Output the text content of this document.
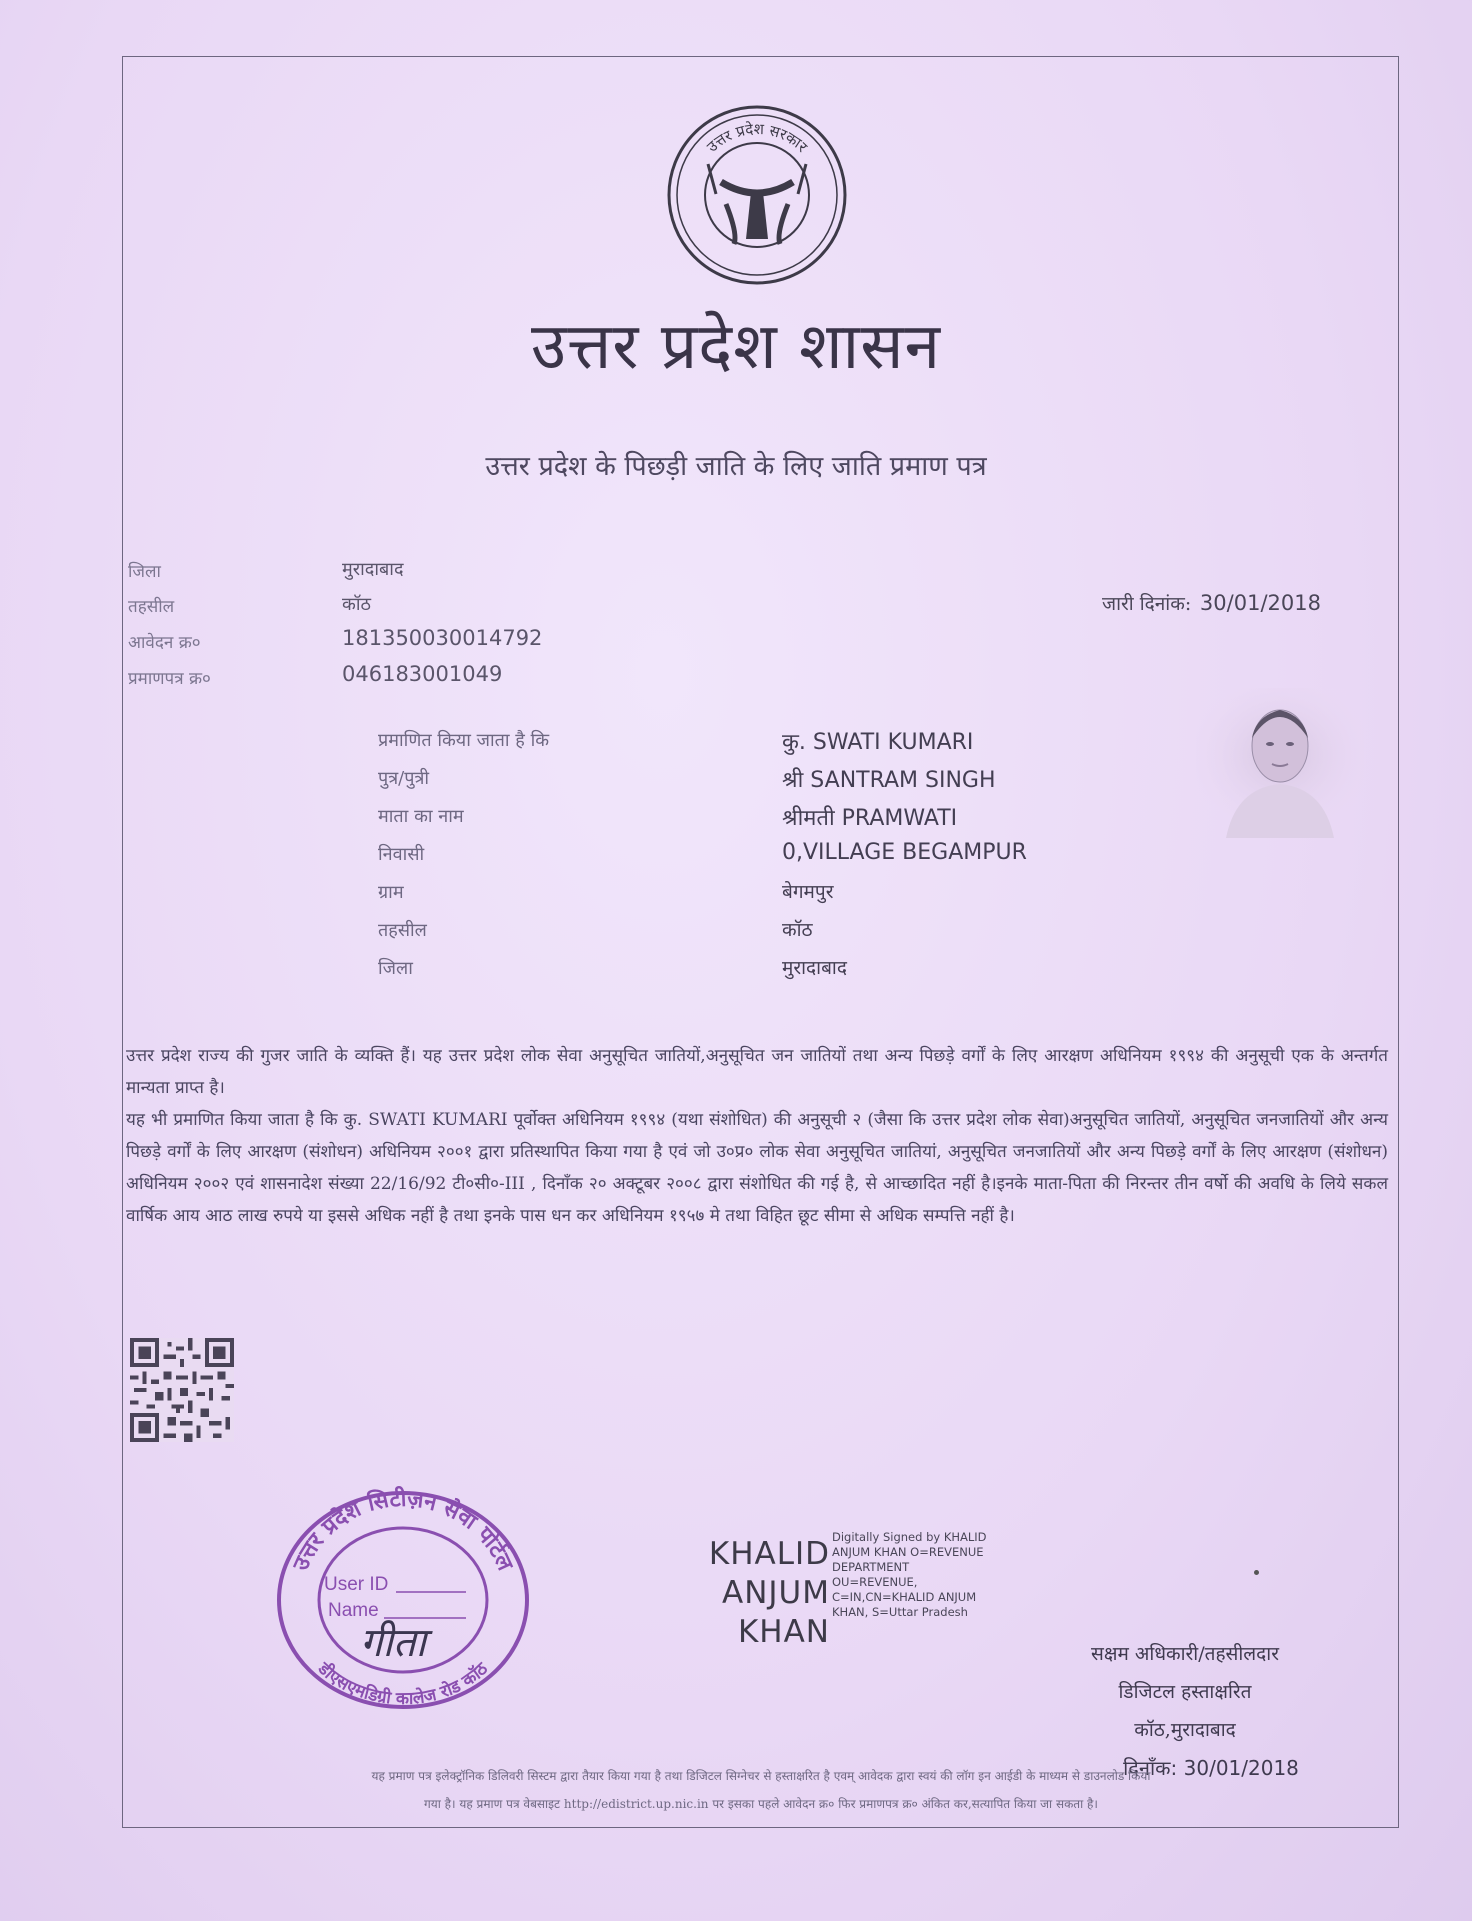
उत्तर प्रदेश सरकार
उत्तर प्रदेश शासन
उत्तर प्रदेश के पिछड़ी जाति के लिए जाति प्रमाण पत्र
जिला	मुरादाबाद
तहसील	कॉठ
आवेदन क्र०	181350030014792
प्रमाणपत्र क्र०	046183001049
जारी दिनांक: 30/01/2018
प्रमाणित किया जाता है कि	कु. SWATI KUMARI
पुत्र/पुत्री	श्री SANTRAM SINGH
माता का नाम	श्रीमती PRAMWATI
निवासी	0,VILLAGE BEGAMPUR
ग्राम	बेगमपुर
तहसील	कॉठ
जिला	मुरादाबाद

उत्तर प्रदेश राज्य की गुजर जाति के व्यक्ति हैं। यह उत्तर प्रदेश लोक सेवा अनुसूचित जातियों,अनुसूचित जन जातियों तथा अन्य पिछड़े वर्गों के लिए आरक्षण अधिनियम १९९४ की अनुसूची एक के अन्तर्गत मान्यता प्राप्त है।

यह भी प्रमाणित किया जाता है कि कु. SWATI KUMARI पूर्वोक्त अधिनियम १९९४ (यथा संशोधित) की अनुसूची २ (जैसा कि उत्तर प्रदेश लोक सेवा)अनुसूचित जातियों, अनुसूचित जनजातियों और अन्य पिछड़े वर्गों के लिए आरक्षण (संशोधन) अधिनियम २००१ द्वारा प्रतिस्थापित किया गया है एवं जो उ०प्र० लोक सेवा अनुसूचित जातियां, अनुसूचित जनजातियों और अन्य पिछड़े वर्गों के लिए आरक्षण (संशोधन) अधिनियम २००२ एवं शासनादेश संख्या 22/16/92 टी०सी०-III , दिनाँक २० अक्टूबर २००८ द्वारा संशोधित की गई है, से आच्छादित नहीं है।इनके माता-पिता की निरन्तर तीन वर्षो की अवधि के लिये सकल वार्षिक आय आठ लाख रुपये या इससे अधिक नहीं है तथा इनके पास धन कर अधिनियम १९५७ मे तथा विहित छूट सीमा से अधिक सम्पत्ति नहीं है।

उत्तर प्रदेश सिटीज़न सेवा पोर्टल
डीएसएमडिग्री कालेज रोड कॉठ
User ID
Name
गीता
KHALID
ANJUM
KHAN
Digitally Signed by KHALID
ANJUM KHAN O=REVENUE
DEPARTMENT
OU=REVENUE,
C=IN,CN=KHALID ANJUM
KHAN, S=Uttar Pradesh
सक्षम अधिकारी/तहसीलदार
डिजिटल हस्ताक्षरित
कॉठ,मुरादाबाद
दिनाँक: 30/01/2018
यह प्रमाण पत्र इलेक्ट्रॉनिक डिलिवरी सिस्टम द्वारा तैयार किया गया है तथा डिजिटल सिग्नेचर से हस्ताक्षरित है एवम् आवेदक द्वारा स्वयं की लॉग इन आईडी के माध्यम से डाउनलोड किया
गया है। यह प्रमाण पत्र वेबसाइट http://edistrict.up.nic.in पर इसका पहले आवेदन क्र० फिर प्रमाणपत्र क्र० अंकित कर,सत्यापित किया जा सकता है।
